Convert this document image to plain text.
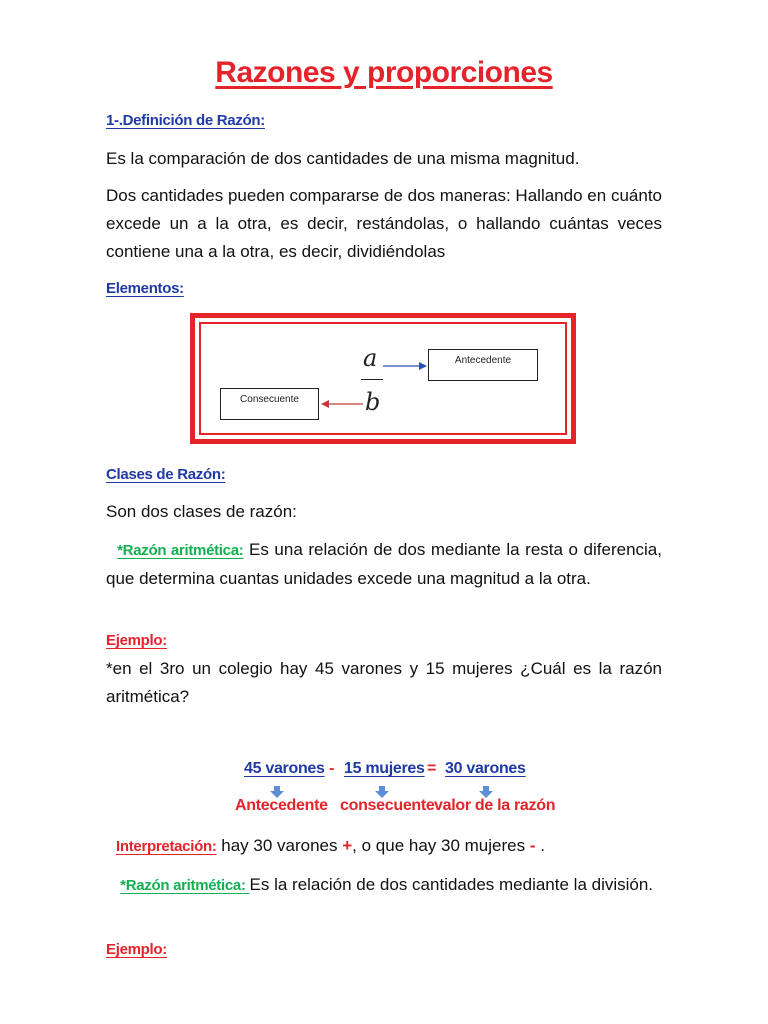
Razones y proporciones
1-.Definición de Razón:
Es la comparación de dos cantidades de una misma magnitud.
Dos cantidades pueden compararse de dos maneras: Hallando en cuánto excede un a la otra, es decir, restándolas, o hallando cuántas veces contiene una a la otra, es decir, dividiéndolas
Elementos:
Antecedente
Consecuente
a
b
Clases de Razón:
Son dos clases de razón:
*Razón aritmética: Es una relación de dos mediante la resta o diferencia, que determina cuantas unidades excede una magnitud a la otra.
Ejemplo:
*en el 3ro un colegio hay 45 varones y 15 mujeres ¿Cuál es la razón aritmética?
45 varones - 15 mujeres = 30 varones
Antecedente consecuente valor de la razón
Interpretación: hay 30 varones +, o que hay 30 mujeres - .
*Razón aritmética: Es la relación de dos cantidades mediante la división.
Ejemplo:
